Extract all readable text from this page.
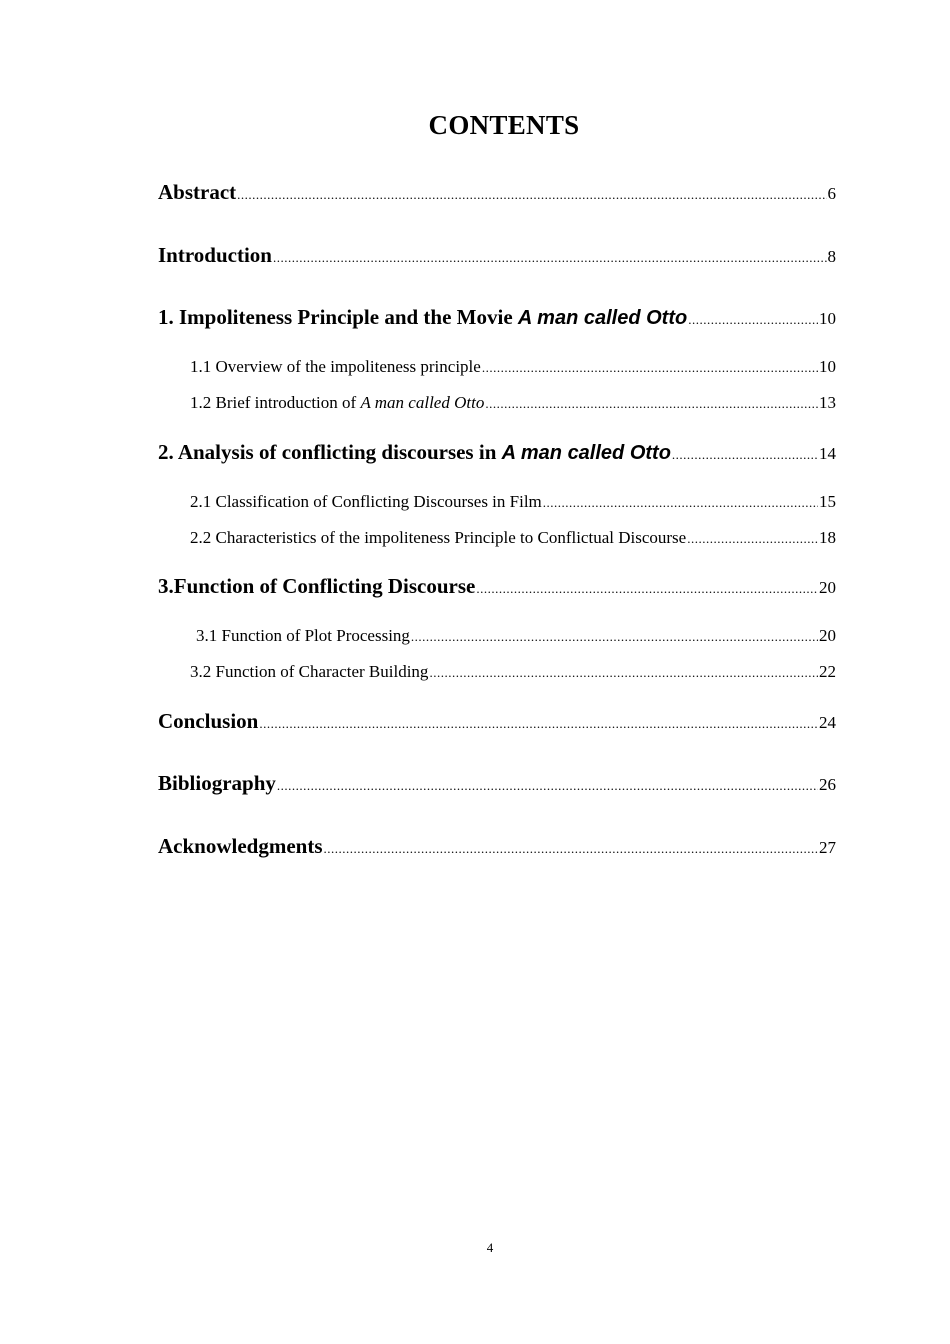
CONTENTS
Abstract .....	6
Introduction .....	8
1. Impoliteness Principle and the Movie A man called Otto .....	10
1.1 Overview of the impoliteness principle .....	10
1.2 Brief introduction of A man called Otto .....	13
2. Analysis of conflicting discourses in A man called Otto .....	14
2.1 Classification of Conflicting Discourses in Film .....	15
2.2 Characteristics of the impoliteness Principle to Conflictual Discourse .....	18
3.Function of Conflicting Discourse .....	20
3.1 Function of Plot Processing .....	20
3.2 Function of Character Building .....	22
Conclusion .....	24
Bibliography .....	26
Acknowledgments .....	27
4
